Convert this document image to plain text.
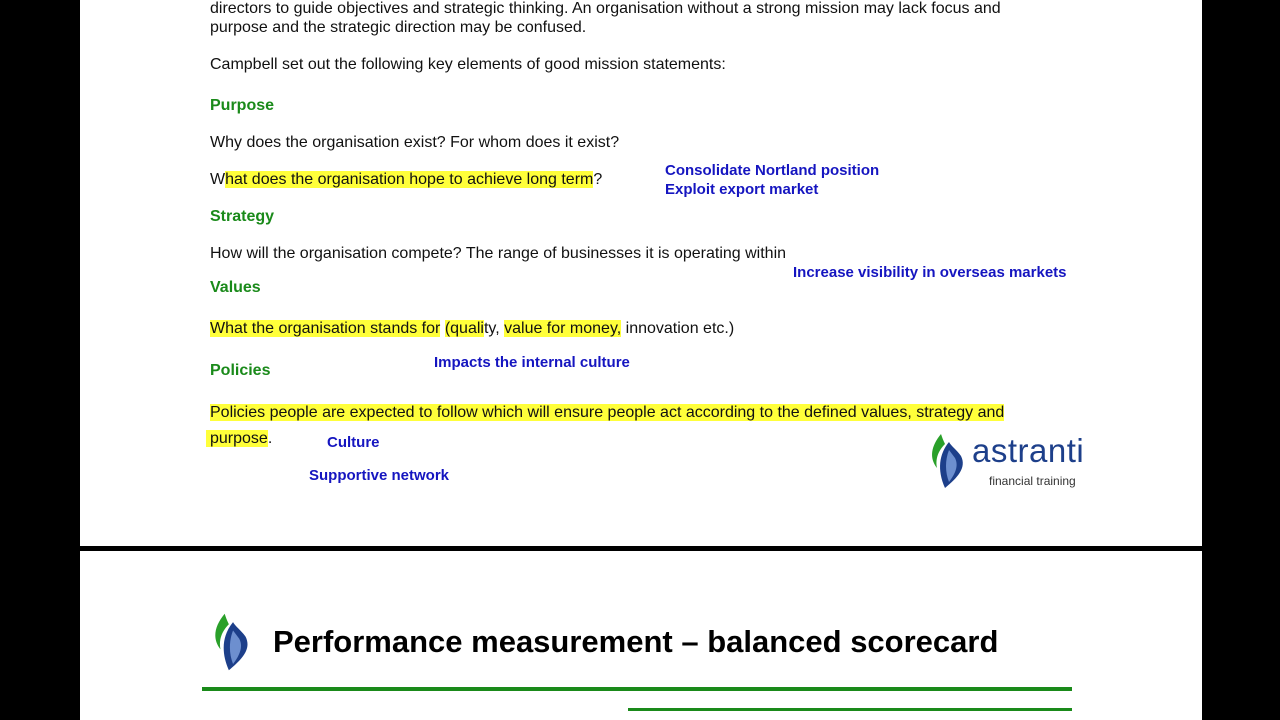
directors to guide objectives and strategic thinking. An organisation without a strong mission may lack focus and
purpose and the strategic direction may be confused.
Campbell set out the following key elements of good mission statements:
Purpose
Why does the organisation exist? For whom does it exist?
What does the organisation hope to achieve long term?
Consolidate Nortland position
Exploit export market
Strategy
How will the organisation compete? The range of businesses it is operating within
Increase visibility in overseas markets
Values
What the organisation stands for (quality, value for money, innovation etc.)
Policies	Impacts the internal culture
Policies people are expected to follow which will ensure people act according to the defined values, strategy and
purpose.	Culture
Supportive network
astranti
financial training
Performance measurement – balanced scorecard
